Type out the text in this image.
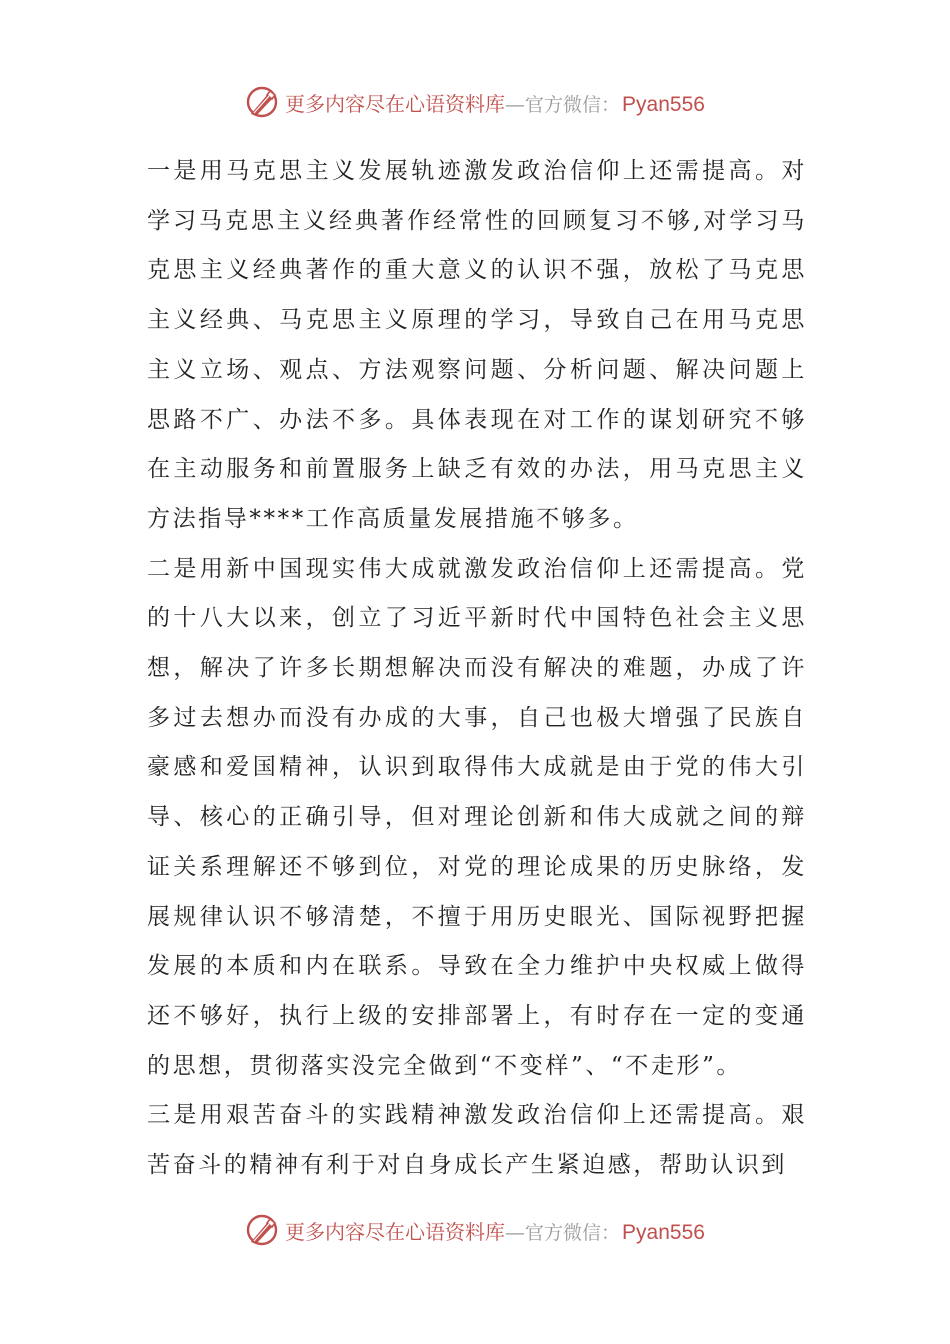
更多内容尽在心语资料库 — 官方微信： Pyan556

一是用马克思主义发展轨迹激发政治信仰上还需提高。对学习马克思主义经典著作经常性的回顾复习不够,对学习马克思主义经典著作的重大意义的认识不强，放松了马克思主义经典、马克思主义原理的学习，导致自己在用马克思主义立场、观点、方法观察问题、分析问题、解决问题上思路不广、办法不多。具体表现在对工作的谋划研究不够在主动服务和前置服务上缺乏有效的办法，用马克思主义方法指导****工作高质量发展措施不够多。

二是用新中国现实伟大成就激发政治信仰上还需提高。党的十八大以来，创立了习近平新时代中国特色社会主义思想，解决了许多长期想解决而没有解决的难题，办成了许多过去想办而没有办成的大事，自己也极大增强了民族自豪感和爱国精神，认识到取得伟大成就是由于党的伟大引导、核心的正确引导，但对理论创新和伟大成就之间的辩证关系理解还不够到位，对党的理论成果的历史脉络，发展规律认识不够清楚，不擅于用历史眼光、国际视野把握发展的本质和内在联系。导致在全力维护中央权威上做得还不够好，执行上级的安排部署上，有时存在一定的变通的思想，贯彻落实没完全做到“不变样”、“不走形”。

三是用艰苦奋斗的实践精神激发政治信仰上还需提高。艰苦奋斗的精神有利于对自身成长产生紧迫感，帮助认识到

更多内容尽在心语资料库 — 官方微信： Pyan556
